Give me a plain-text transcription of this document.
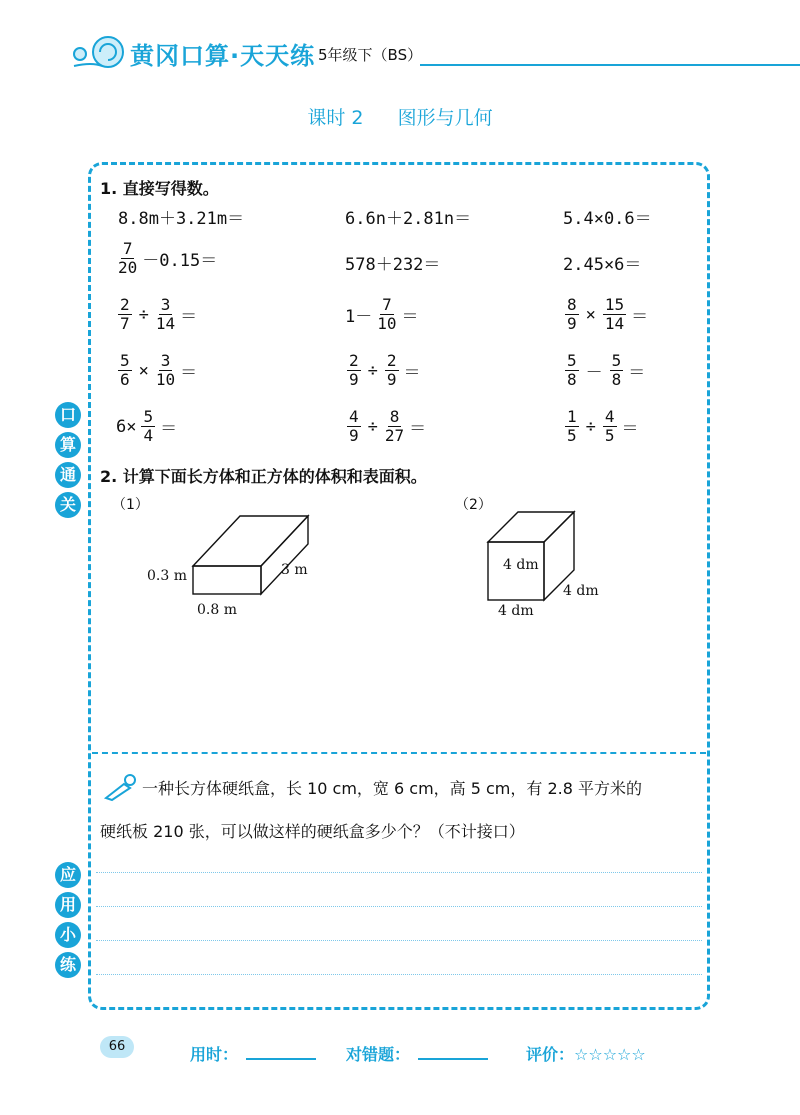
黄冈口算·天天练 5年级下（BS）
课时 2 图形与几何
口
算
通
关
应
用
小
练
1. 直接写得数。
8.8m＋3.21m＝	6.6n＋2.81n＝	5.4×0.6＝
$\frac{7}{20} -0.15=$	578＋232＝	2.45×6＝
$\frac{2}{7} \div \frac{3}{14}$ ＝	$1- \frac{7}{10}$ ＝	$\frac{8}{9} \times \frac{15}{14}$ ＝
$\frac{5}{6} \times \frac{3}{10}$ ＝	$\frac{2}{9} \div \frac{2}{9}$ ＝	$\frac{5}{8} - \frac{5}{8}$ ＝
$6\times \frac{5}{4}$ ＝	$\frac{4}{9} \div \frac{8}{27}$ ＝	$\frac{1}{5} \div \frac{4}{5}$ ＝
2. 计算下面长方体和正方体的体积和表面积。
（1）	（2）
0.3 m	3 m
0.8 m
4 dm
4 dm
4 dm
一种长方体硬纸盒，长 10 cm，宽 6 cm，高 5 cm，有 2.8 平方米的
硬纸板 210 张，可以做这样的硬纸盒多少个？（不计接口）
66	用时：	对错题：	评价：☆☆☆☆☆
